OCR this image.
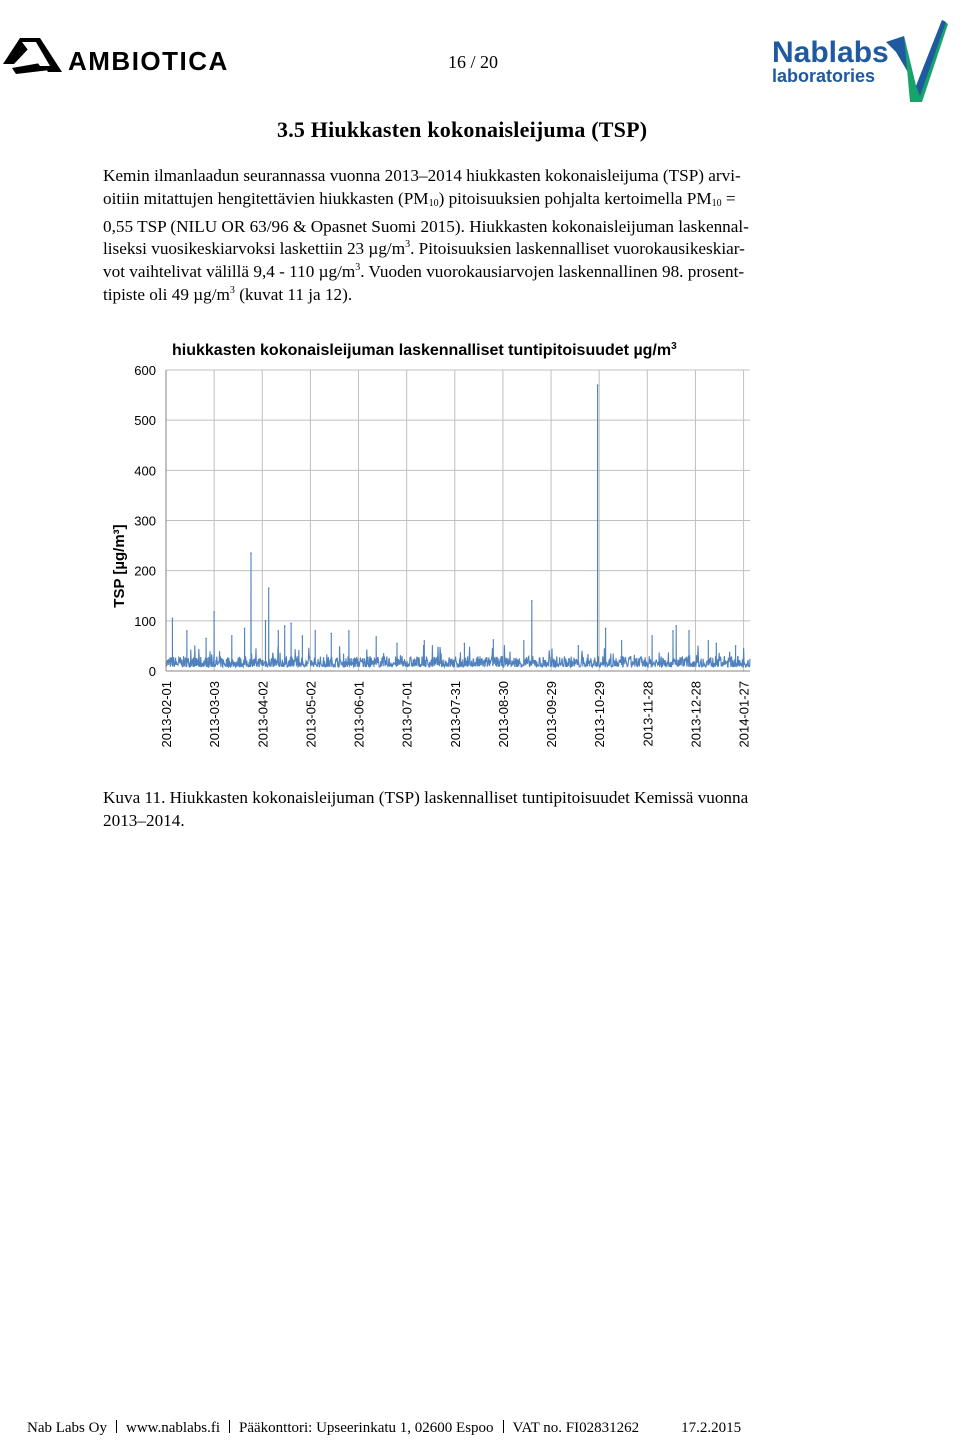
AMBIOTICA	16 / 20	Nablabs
laboratories
3.5 Hiukkasten kokonaisleijuma (TSP)

Kemin ilmanlaadun seurannassa vuonna 2013–2014 hiukkasten kokonaisleijuma (TSP) arvi-
oitiin mitattujen hengitettävien hiukkasten $(PM_{10})$ pitoisuuksien pohjalta kertoimella $PM_{10}$ =
0,55 TSP (NILU OR 63/96 & Opasnet Suomi 2015). Hiukkasten kokonaisleijuman laskennal-
liseksi vuosikeskiarvoksi laskettiin 23 $\mu g/m^3$. Pitoisuuksien laskennalliset vuorokausikeskiar-
vot vaihtelivat välillä 9,4 - 110 $\mu g/m^3$. Vuoden vuorokausiarvojen laskennallinen 98. prosent-
tipiste oli 49 $\mu g/m^3$ (kuvat 11 ja 12).

hiukkasten kokonaisleijuman laskennalliset tuntipitoisuudet $\mu g/m^3$
TSP [µg/m³]
0
100
200
300
400
500
600
2013-02-01	2013-03-03	2013-04-02	2013-05-02	2013-06-01	2013-07-01	2013-07-31	2013-08-30	2013-09-29	2013-10-29	2013-11-28	2013-12-28	2014-01-27

Kuva 11. Hiukkasten kokonaisleijuman (TSP) laskennalliset tuntipitoisuudet Kemissä vuonna
2013–2014.

Nab Labs Oy www.nablabs.fi Pääkonttori: Upseerinkatu 1, 02600 Espoo VAT no. FI02831262	17.2.2015
